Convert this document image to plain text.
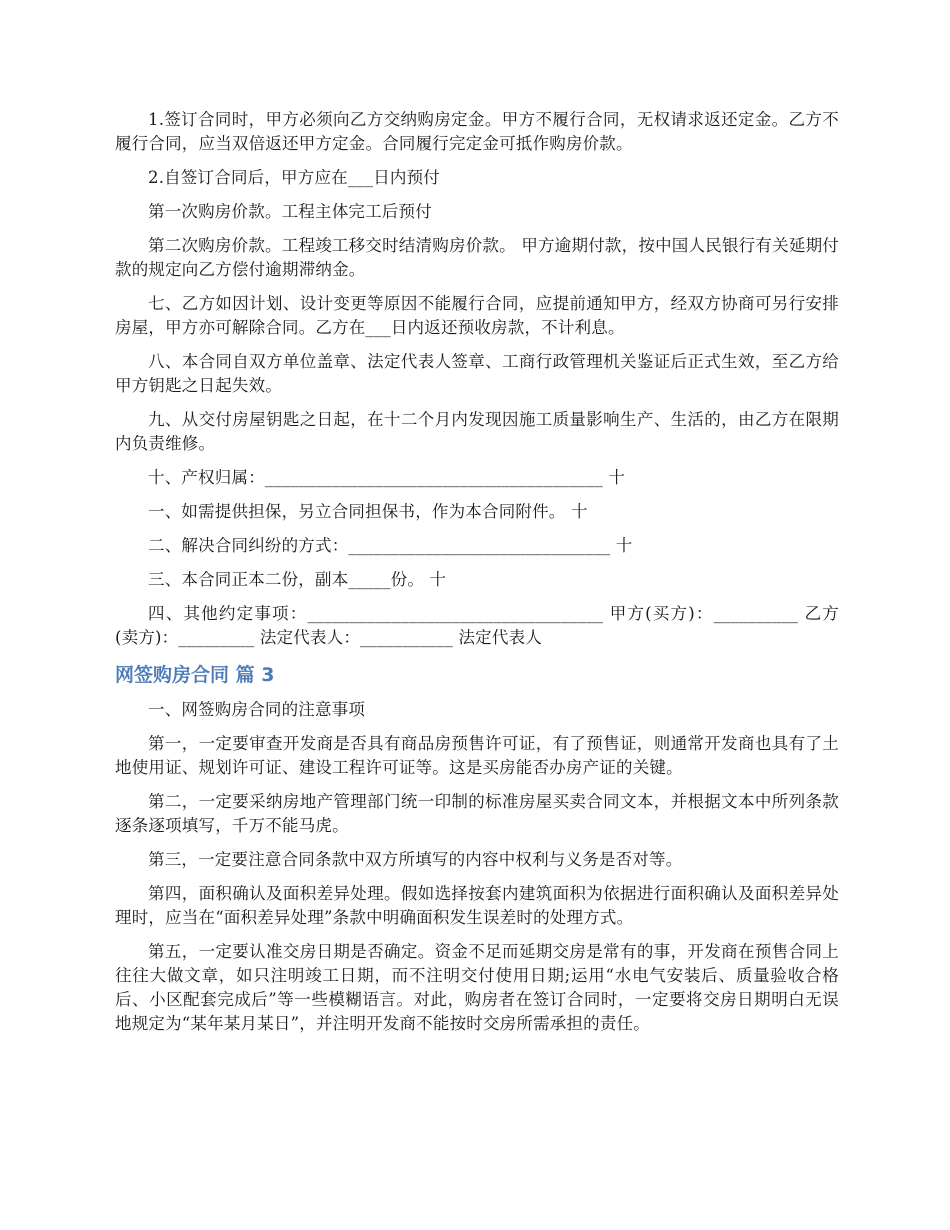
1.签订合同时，甲方必须向乙方交纳购房定金。甲方不履行合同，无权请求返还定金。乙方不履行合同，应当双倍返还甲方定金。合同履行完定金可抵作购房价款。

2.自签订合同后，甲方应在___日内预付

第一次购房价款。工程主体完工后预付

第二次购房价款。工程竣工移交时结清购房价款。 甲方逾期付款，按中国人民银行有关延期付款的规定向乙方偿付逾期滞纳金。

七、乙方如因计划、设计变更等原因不能履行合同，应提前通知甲方，经双方协商可另行安排房屋，甲方亦可解除合同。乙方在___日内返还预收房款，不计利息。

八、本合同自双方单位盖章、法定代表人签章、工商行政管理机关鉴证后正式生效，至乙方给甲方钥匙之日起失效。

九、从交付房屋钥匙之日起，在十二个月内发现因施工质量影响生产、生活的，由乙方在限期内负责维修。

十、产权归属：________________________________________ 十

一、如需提供担保，另立合同担保书，作为本合同附件。 十

二、解决合同纠纷的方式：_______________________________ 十

三、本合同正本二份，副本_____份。 十

四、其他约定事项：___________________________________ 甲方(买方)：__________ 乙方(卖方)：_________ 法定代表人：___________ 法定代表人

网签购房合同 篇 3

一、网签购房合同的注意事项

第一，一定要审查开发商是否具有商品房预售许可证，有了预售证，则通常开发商也具有了土地使用证、规划许可证、建设工程许可证等。这是买房能否办房产证的关键。

第二，一定要采纳房地产管理部门统一印制的标准房屋买卖合同文本，并根据文本中所列条款逐条逐项填写，千万不能马虎。

第三，一定要注意合同条款中双方所填写的内容中权利与义务是否对等。

第四，面积确认及面积差异处理。假如选择按套内建筑面积为依据进行面积确认及面积差异处理时，应当在“面积差异处理”条款中明确面积发生误差时的处理方式。

第五，一定要认准交房日期是否确定。资金不足而延期交房是常有的事，开发商在预售合同上往往大做文章，如只注明竣工日期，而不注明交付使用日期;运用“水电气安装后、质量验收合格后、小区配套完成后”等一些模糊语言。对此，购房者在签订合同时，一定要将交房日期明白无误地规定为“某年某月某日”，并注明开发商不能按时交房所需承担的责任。
